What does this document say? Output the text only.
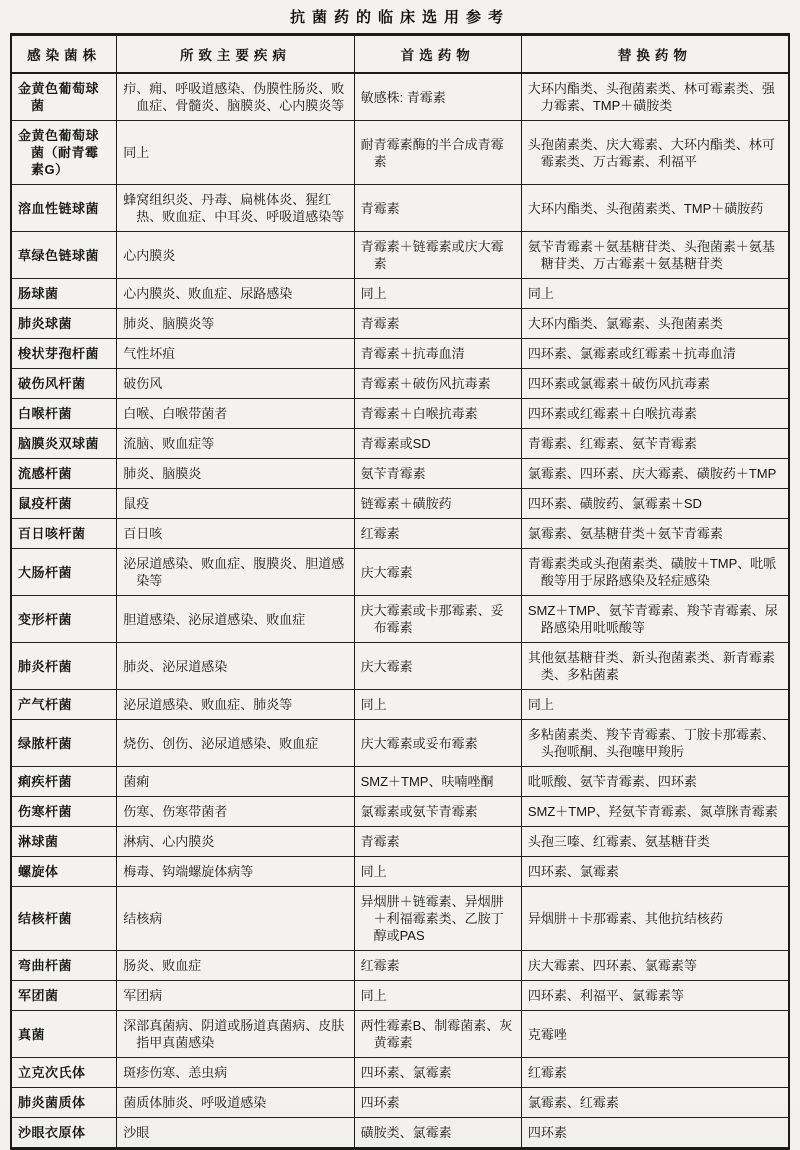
抗菌药的临床选用参考
感染菌株	所致主要疾病	首选药物	替换药物
金黄色葡萄球菌	疖、痈、呼吸道感染、伪膜性肠炎、败血症、骨髓炎、脑膜炎、心内膜炎等	敏感株: 青霉素	大环内酯类、头孢菌素类、林可霉素类、强力霉素、TMP＋磺胺类
金黄色葡萄球菌（耐青霉素G）	同上	耐青霉素酶的半合成青霉素	头孢菌素类、庆大霉素、大环内酯类、林可霉素类、万古霉素、利福平
溶血性链球菌	蜂窝组织炎、丹毒、扁桃体炎、猩红热、败血症、中耳炎、呼吸道感染等	青霉素	大环内酯类、头孢菌素类、TMP＋磺胺药
草绿色链球菌	心内膜炎	青霉素＋链霉素或庆大霉素	氨苄青霉素＋氨基糖苷类、头孢菌素＋氨基糖苷类、万古霉素＋氨基糖苷类
肠球菌	心内膜炎、败血症、尿路感染	同上	同上
肺炎球菌	肺炎、脑膜炎等	青霉素	大环内酯类、氯霉素、头孢菌素类
梭状芽孢杆菌	气性坏疽	青霉素＋抗毒血清	四环素、氯霉素或红霉素＋抗毒血清
破伤风杆菌	破伤风	青霉素＋破伤风抗毒素	四环素或氯霉素＋破伤风抗毒素
白喉杆菌	白喉、白喉带菌者	青霉素＋白喉抗毒素	四环素或红霉素＋白喉抗毒素
脑膜炎双球菌	流脑、败血症等	青霉素或SD	青霉素、红霉素、氨苄青霉素
流感杆菌	肺炎、脑膜炎	氨苄青霉素	氯霉素、四环素、庆大霉素、磺胺药＋TMP
鼠疫杆菌	鼠疫	链霉素＋磺胺药	四环素、磺胺药、氯霉素＋SD
百日咳杆菌	百日咳	红霉素	氯霉素、氨基糖苷类＋氨苄青霉素
大肠杆菌	泌尿道感染、败血症、腹膜炎、胆道感染等	庆大霉素	青霉素类或头孢菌素类、磺胺＋TMP、吡哌酸等用于尿路感染及轻症感染
变形杆菌	胆道感染、泌尿道感染、败血症	庆大霉素或卡那霉素、妥布霉素	SMZ＋TMP、氨苄青霉素、羧苄青霉素、尿路感染用吡哌酸等
肺炎杆菌	肺炎、泌尿道感染	庆大霉素	其他氨基糖苷类、新头孢菌素类、新青霉素类、多粘菌素
产气杆菌	泌尿道感染、败血症、肺炎等	同上	同上
绿脓杆菌	烧伤、创伤、泌尿道感染、败血症	庆大霉素或妥布霉素	多粘菌素类、羧苄青霉素、丁胺卡那霉素、头孢哌酮、头孢噻甲羧肟
痢疾杆菌	菌痢	SMZ＋TMP、呋喃唑酮	吡哌酸、氨苄青霉素、四环素
伤寒杆菌	伤寒、伤寒带菌者	氯霉素或氨苄青霉素	SMZ＋TMP、羟氨苄青霉素、氮䓬脒青霉素
淋球菌	淋病、心内膜炎	青霉素	头孢三嗪、红霉素、氨基糖苷类
螺旋体	梅毒、钩端螺旋体病等	同上	四环素、氯霉素
结核杆菌	结核病	异烟肼＋链霉素、异烟肼＋利福霉素类、乙胺丁醇或PAS	异烟肼＋卡那霉素、其他抗结核药
弯曲杆菌	肠炎、败血症	红霉素	庆大霉素、四环素、氯霉素等
军团菌	军团病	同上	四环素、利福平、氯霉素等
真菌	深部真菌病、阴道或肠道真菌病、皮肤指甲真菌感染	两性霉素B、制霉菌素、灰黄霉素	克霉唑
立克次氏体	斑疹伤寒、恙虫病	四环素、氯霉素	红霉素
肺炎菌质体	菌质体肺炎、呼吸道感染	四环素	氯霉素、红霉素
沙眼衣原体	沙眼	磺胺类、氯霉素	四环素
